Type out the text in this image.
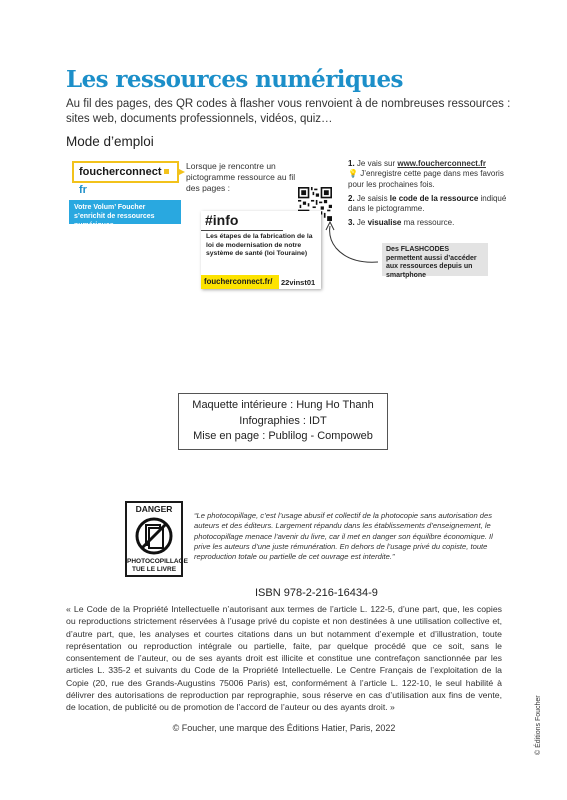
Les ressources numériques
Au fil des pages, des QR codes à flasher vous renvoient à de nombreuses ressources : sites web, documents professionnels, vidéos, quiz…
Mode d’emploi
foucherconnectfr
Votre Volum’ Foucher s’enrichit de ressources numériques
Lorsque je rencontre un pictogramme ressource au fil des pages :
#info
Les étapes de la fabrication de la loi de modernisation de notre système de santé (loi Touraine)
foucherconnect.fr/	22vinst01

1. Je vais sur www.foucherconnect.fr
💡 J’enregistre cette page dans mes favoris pour les prochaines fois.

2. Je saisis le code de la ressource indiqué dans le pictogramme.

3. Je visualise ma ressource.

Des FLASHCODES permettent aussi d’accéder aux ressources depuis un smartphone
Maquette intérieure : Hung Ho Thanh
Infographies : IDT
Mise en page : Publilog - Compoweb
DANGER
PHOTOCOPILLAGE
TUE LE LIVRE
“Le photocopillage, c’est l’usage abusif et collectif de la photocopie sans autorisation des auteurs et des éditeurs. Largement répandu dans les établissements d’enseignement, le photocopillage menace l’avenir du livre, car il met en danger son équilibre économique. Il prive les auteurs d’une juste rémunération. En dehors de l’usage privé du copiste, toute reproduction totale ou partielle de cet ouvrage est interdite.”
ISBN 978-2-216-16434-9
« Le Code de la Propriété Intellectuelle n’autorisant aux termes de l’article L. 122-5, d’une part, que, les copies ou reproductions strictement réservées à l’usage privé du copiste et non destinées à une utilisation collective et, d’autre part, que, les analyses et courtes citations dans un but notamment d’exemple et d’illustration, toute représentation ou reproduction intégrale ou partielle, faite, par quelque procédé que ce soit, sans le consentement de l’auteur, ou de ses ayants droit est illicite et constitue une contrefaçon sanctionnée par les articles L. 335-2 et suivants du Code de la Propriété Intellectuelle. Le Centre Français de l’exploitation de la Copie (20, rue des Grands-Augustins 75006 Paris) est, conformément à l’article L. 122-10, le seul habilité à délivrer des autorisations de reproduction par reprographie, sous réserve en cas d’utilisation aux fins de vente, de location, de publicité ou de promotion de l’accord de l’auteur ou des ayants droit. »
© Foucher, une marque des Éditions Hatier, Paris, 2022	© Éditions Foucher
